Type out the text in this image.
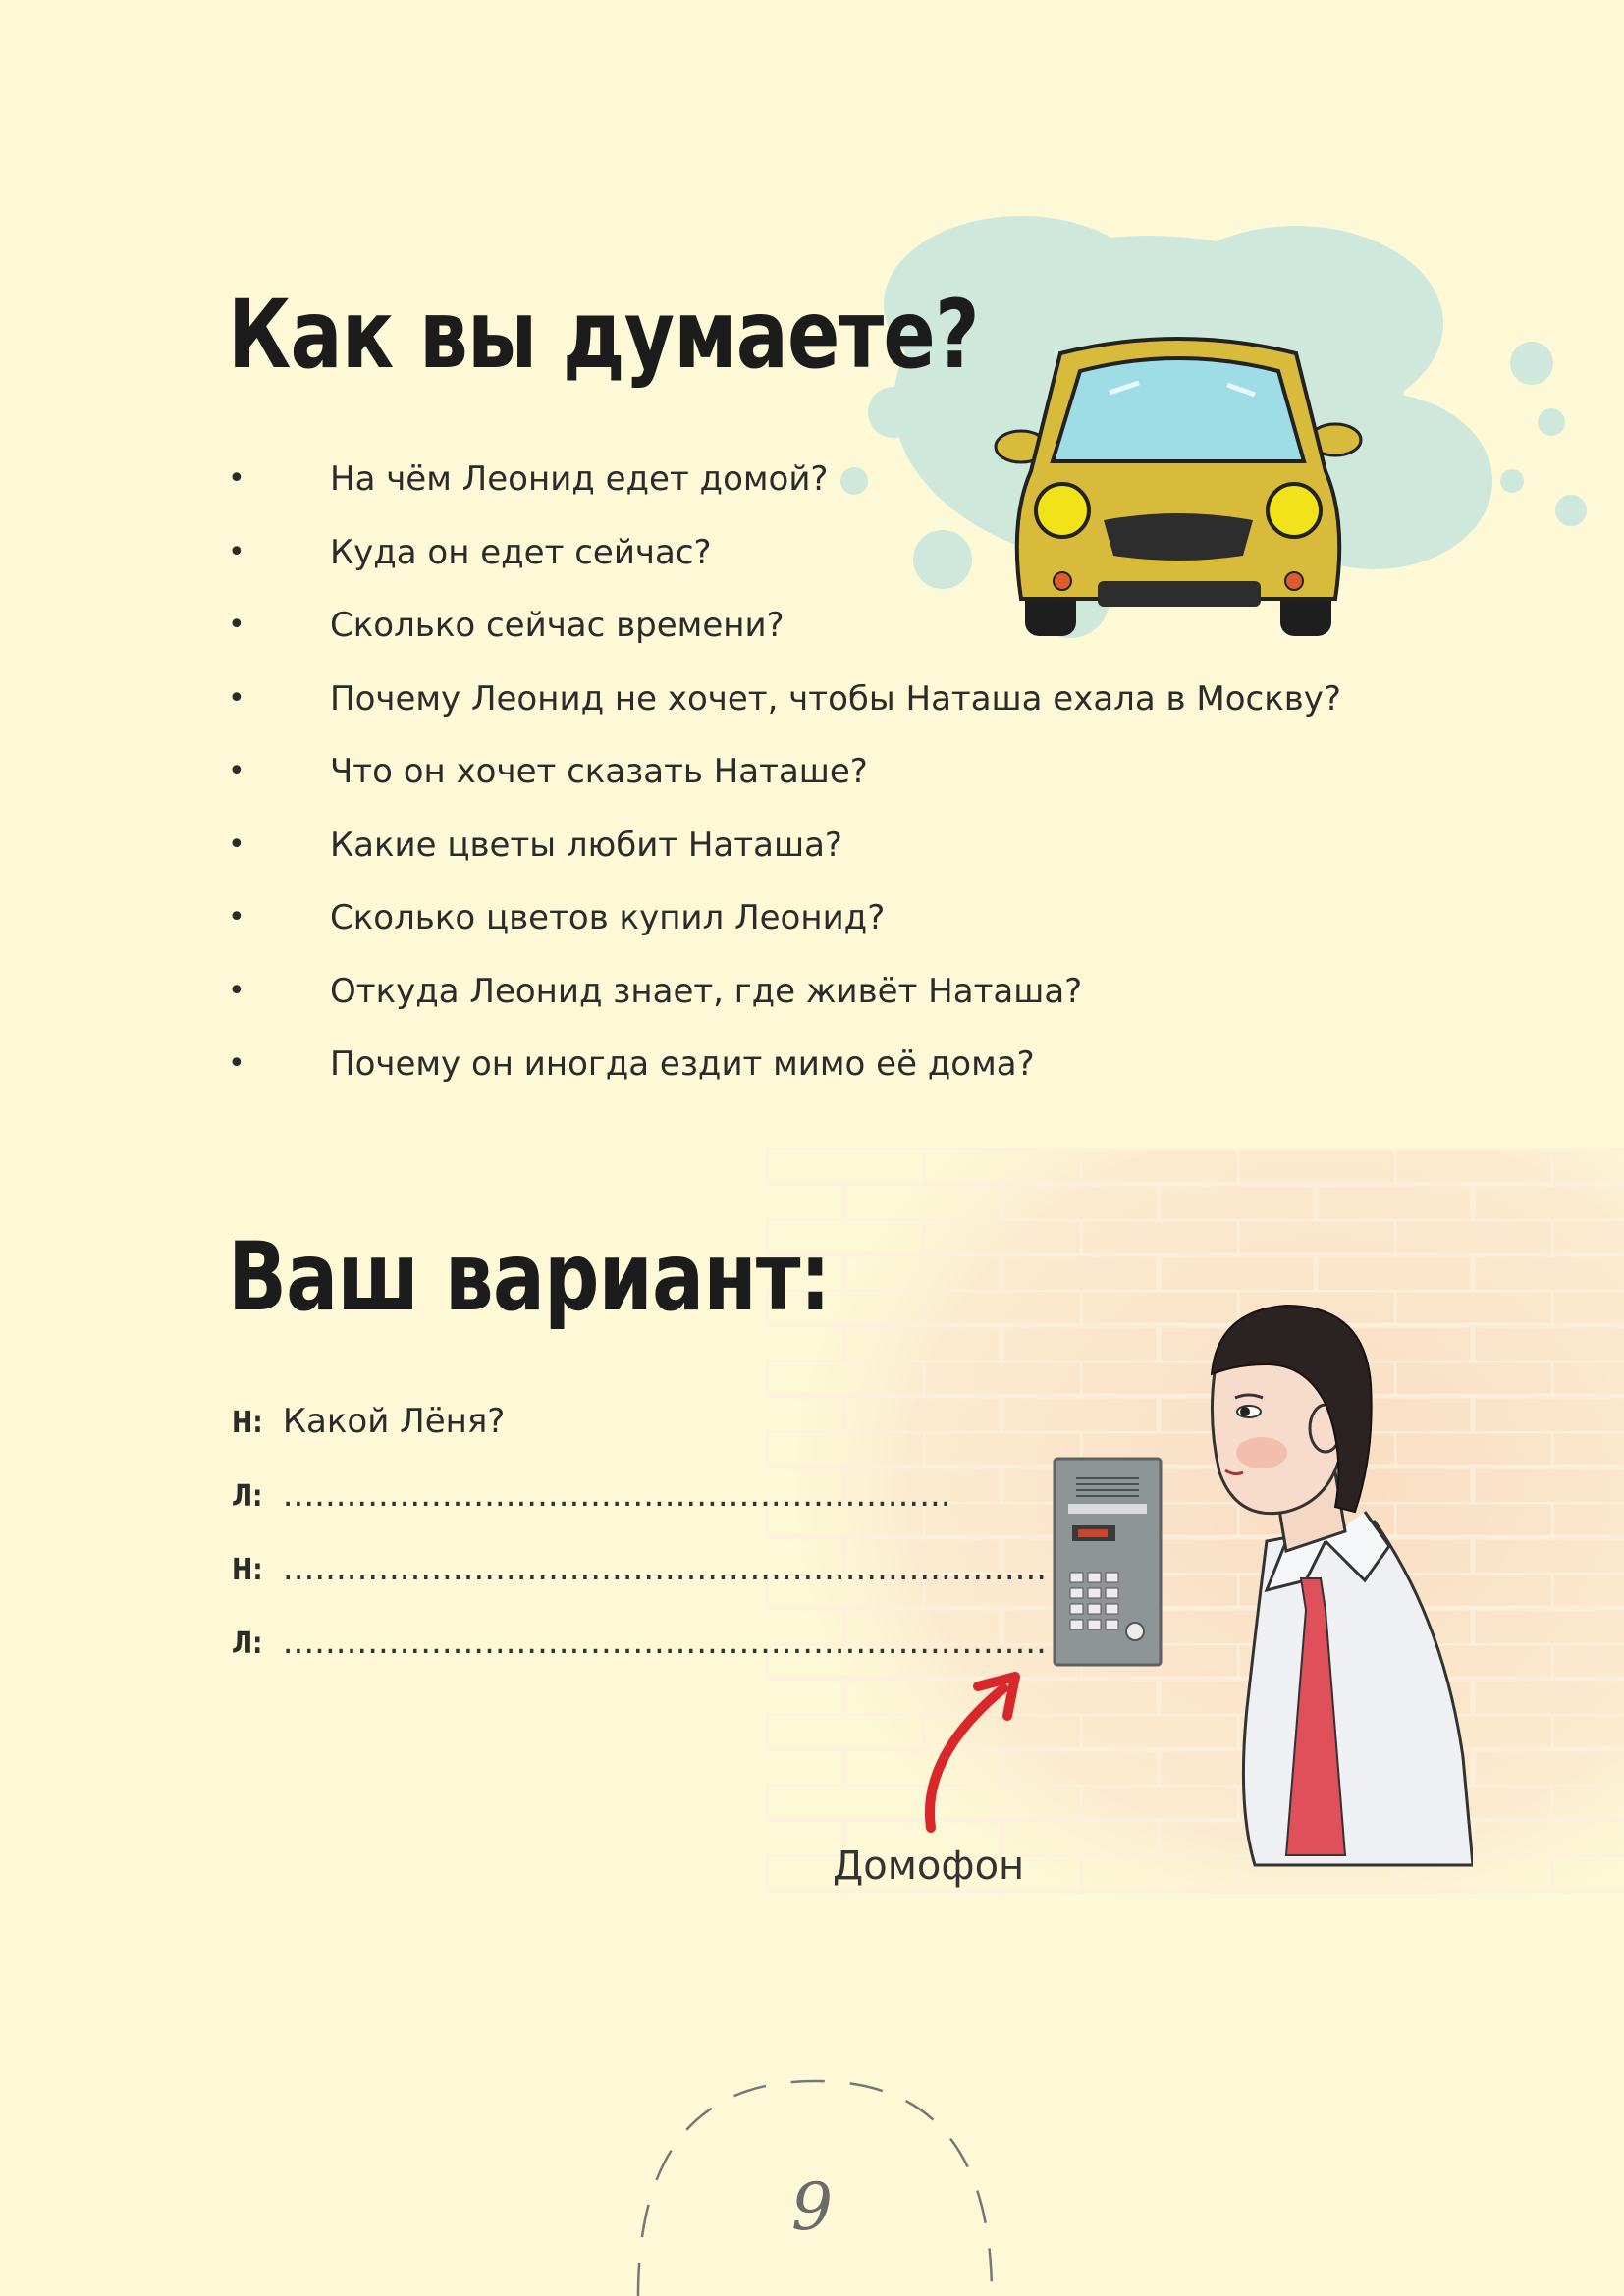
Как вы думаете?
•	На чём Леонид едет домой?
•	Куда он едет сейчас?
•	Сколько сейчас времени?
•	Почему Леонид не хочет, чтобы Наташа ехала в Москву?
•	Что он хочет сказать Наташе?
•	Какие цветы любит Наташа?
•	Сколько цветов купил Леонид?
•	Откуда Леонид знает, где живёт Наташа?
•	Почему он иногда ездит мимо её дома?
Ваш вариант:
Н: Какой Лёня?
Л: ...............................................................
Н: ........................................................................
Л: ........................................................................
Домофон
9
